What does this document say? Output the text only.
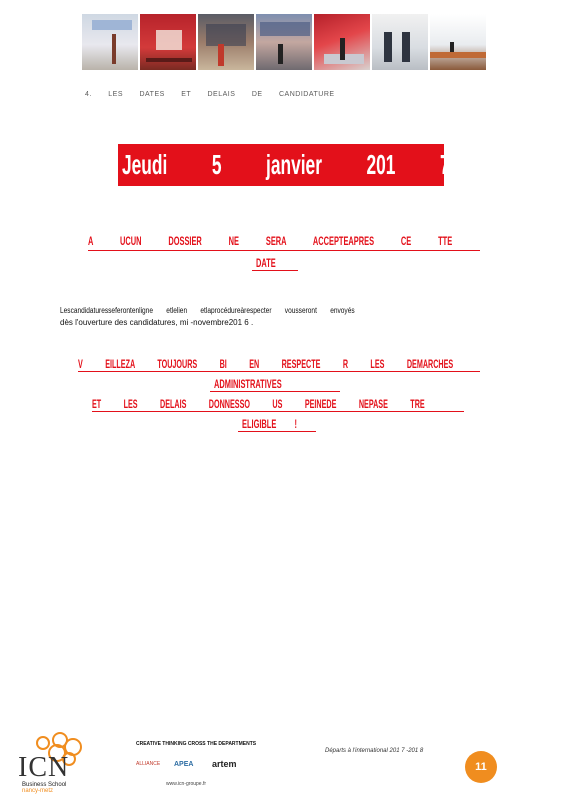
4. LES DATES ET DELAIS DE CANDIDATURE
Jeudi 5 janvier 201 7
A UCUN DOSSIER NE SERA ACCEPTEAPRES CE TTE
DATE
Lescandidaturesseferontenligne etlelien etlaprocédureàrespecter vousseront envoyés
dès l'ouverture des candidatures, mi -novembre201 6 .
V EILLEZA TOUJOURS BI EN RESPECTE R LES DEMARCHES
ADMINISTRATIVES
ET LES DELAIS DONNESSO US PEINEDE NEPASE TRE
ELIGIBLE !
ICN
Business School
nancy-metz
CREATIVE THINKING CROSS THE DEPARTMENTS
ALLIANCE APEA artem
www.icn-groupe.fr
Départs à l'international 201 7 -201 8
11
